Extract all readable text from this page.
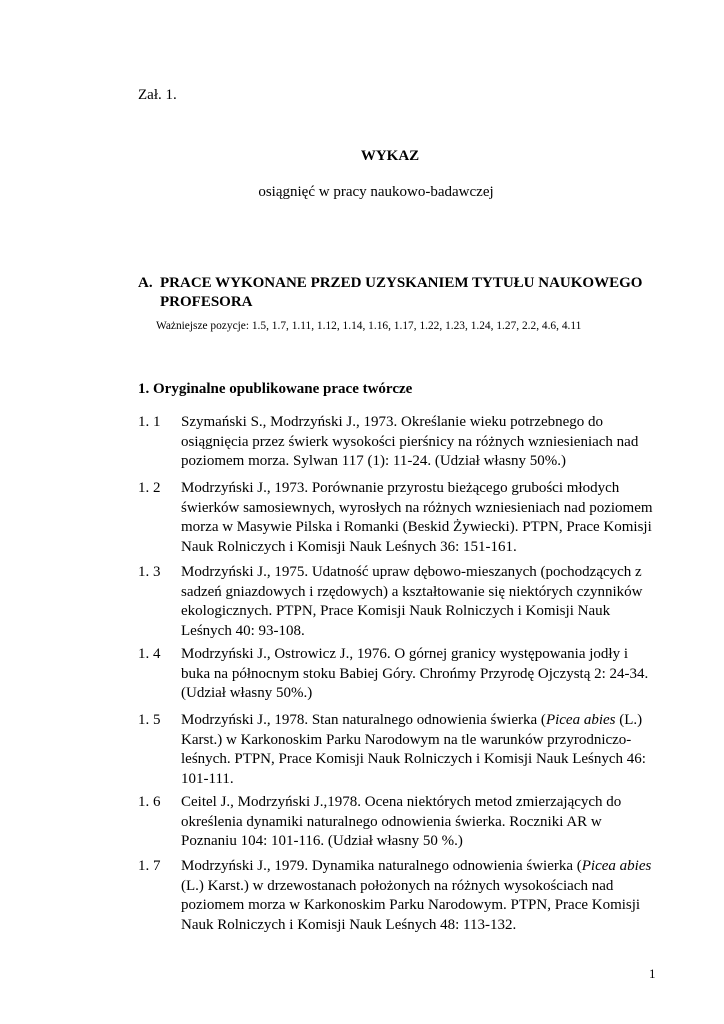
Zał. 1.
WYKAZ
osiągnięć w pracy naukowo-badawczej
A. PRACE WYKONANE PRZED UZYSKANIEM TYTUŁU NAUKOWEGO PROFESORA
Ważniejsze pozycje: 1.5, 1.7, 1.11, 1.12, 1.14, 1.16, 1.17, 1.22, 1.23, 1.24, 1.27, 2.2, 4.6, 4.11
1. Oryginalne opublikowane prace twórcze
1. 1 Szymański S., Modrzyński J., 1973. Określanie wieku potrzebnego do osiągnięcia przez świerk wysokości pierśnicy na różnych wzniesieniach nad poziomem morza. Sylwan 117 (1): 11-24. (Udział własny 50%.)
1. 2 Modrzyński J., 1973. Porównanie przyrostu bieżącego grubości młodych świerków samosiewnych, wyrosłych na różnych wzniesieniach nad poziomem morza w Masywie Pilska i Romanki (Beskid Żywiecki). PTPN, Prace Komisji Nauk Rolniczych i Komisji Nauk Leśnych 36: 151-161.
1. 3 Modrzyński J., 1975. Udatność upraw dębowo-mieszanych (pochodzących z sadzeń gniazdowych i rzędowych) a kształtowanie się niektórych czynników ekologicznych. PTPN, Prace Komisji Nauk Rolniczych i Komisji Nauk Leśnych 40: 93-108.
1. 4 Modrzyński J., Ostrowicz J., 1976. O górnej granicy występowania jodły i buka na północnym stoku Babiej Góry. Chrońmy Przyrodę Ojczystą 2: 24-34. (Udział własny 50%.)
1. 5 Modrzyński J., 1978. Stan naturalnego odnowienia świerka (Picea abies (L.) Karst.) w Karkonoskim Parku Narodowym na tle warunków przyrodniczo-leśnych. PTPN, Prace Komisji Nauk Rolniczych i Komisji Nauk Leśnych 46: 101-111.
1. 6 Ceitel J., Modrzyński J.,1978. Ocena niektórych metod zmierzających do określenia dynamiki naturalnego odnowienia świerka. Roczniki AR w Poznaniu 104: 101-116. (Udział własny 50 %.)
1. 7 Modrzyński J., 1979. Dynamika naturalnego odnowienia świerka (Picea abies (L.) Karst.) w drzewostanach położonych na różnych wysokościach nad poziomem morza w Karkonoskim Parku Narodowym. PTPN, Prace Komisji Nauk Rolniczych i Komisji Nauk Leśnych 48: 113-132.
1
